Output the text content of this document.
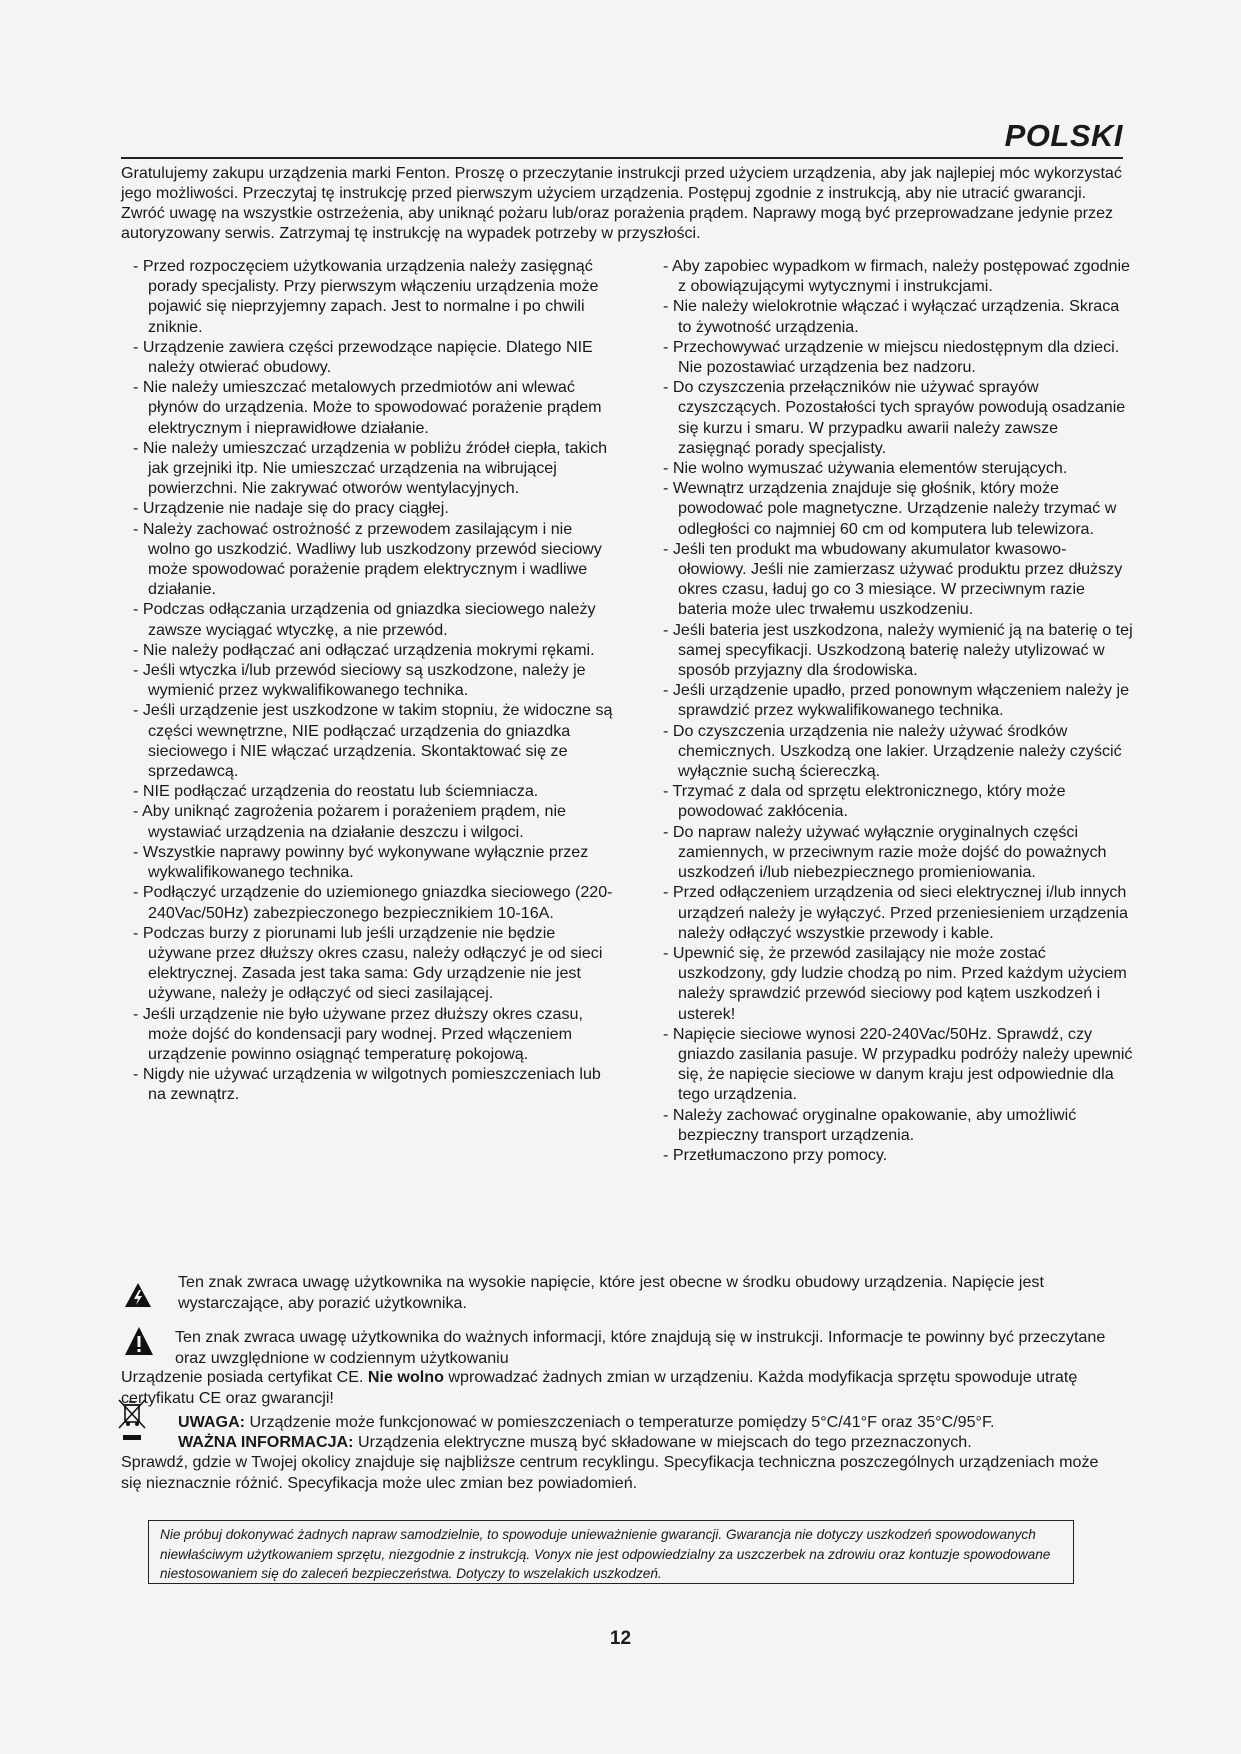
POLSKI

Gratulujemy zakupu urządzenia marki Fenton. Proszę o przeczytanie instrukcji przed użyciem urządzenia, aby jak najlepiej móc wykorzystać jego możliwości. Przeczytaj tę instrukcję przed pierwszym użyciem urządzenia. Postępuj zgodnie z instrukcją, aby nie utracić gwarancji. Zwróć uwagę na wszystkie ostrzeżenia, aby uniknąć pożaru lub/oraz porażenia prądem. Naprawy mogą być przeprowadzane jedynie przez autoryzowany serwis. Zatrzymaj tę instrukcję na wypadek potrzeby w przyszłości.

- Przed rozpoczęciem użytkowania urządzenia należy zasięgnąć porady specjalisty. Przy pierwszym włączeniu urządzenia może pojawić się nieprzyjemny zapach. Jest to normalne i po chwili zniknie.
- Urządzenie zawiera części przewodzące napięcie. Dlatego NIE należy otwierać obudowy.
- Nie należy umieszczać metalowych przedmiotów ani wlewać płynów do urządzenia. Może to spowodować porażenie prądem elektrycznym i nieprawidłowe działanie.
- Nie należy umieszczać urządzenia w pobliżu źródeł ciepła, takich jak grzejniki itp. Nie umieszczać urządzenia na wibrującej powierzchni. Nie zakrywać otworów wentylacyjnych.
- Urządzenie nie nadaje się do pracy ciągłej.
- Należy zachować ostrożność z przewodem zasilającym i nie wolno go uszkodzić. Wadliwy lub uszkodzony przewód sieciowy może spowodować porażenie prądem elektrycznym i wadliwe działanie.
- Podczas odłączania urządzenia od gniazdka sieciowego należy zawsze wyciągać wtyczkę, a nie przewód.
- Nie należy podłączać ani odłączać urządzenia mokrymi rękami.
- Jeśli wtyczka i/lub przewód sieciowy są uszkodzone, należy je wymienić przez wykwalifikowanego technika.
- Jeśli urządzenie jest uszkodzone w takim stopniu, że widoczne są części wewnętrzne, NIE podłączać urządzenia do gniazdka sieciowego i NIE włączać urządzenia. Skontaktować się ze sprzedawcą.
- NIE podłączać urządzenia do reostatu lub ściemniacza.
- Aby uniknąć zagrożenia pożarem i porażeniem prądem, nie wystawiać urządzenia na działanie deszczu i wilgoci.
- Wszystkie naprawy powinny być wykonywane wyłącznie przez wykwalifikowanego technika.
- Podłączyć urządzenie do uziemionego gniazdka sieciowego (220-240Vac/50Hz) zabezpieczonego bezpiecznikiem 10-16A.
- Podczas burzy z piorunami lub jeśli urządzenie nie będzie używane przez dłuższy okres czasu, należy odłączyć je od sieci elektrycznej. Zasada jest taka sama: Gdy urządzenie nie jest używane, należy je odłączyć od sieci zasilającej.
- Jeśli urządzenie nie było używane przez dłuższy okres czasu, może dojść do kondensacji pary wodnej. Przed włączeniem urządzenie powinno osiągnąć temperaturę pokojową.
- Nigdy nie używać urządzenia w wilgotnych pomieszczeniach lub na zewnątrz.
- Aby zapobiec wypadkom w firmach, należy postępować zgodnie z obowiązującymi wytycznymi i instrukcjami.
- Nie należy wielokrotnie włączać i wyłączać urządzenia. Skraca to żywotność urządzenia.
- Przechowywać urządzenie w miejscu niedostępnym dla dzieci. Nie pozostawiać urządzenia bez nadzoru.
- Do czyszczenia przełączników nie używać sprayów czyszczących. Pozostałości tych sprayów powodują osadzanie się kurzu i smaru. W przypadku awarii należy zawsze zasięgnąć porady specjalisty.
- Nie wolno wymuszać używania elementów sterujących.
- Wewnątrz urządzenia znajduje się głośnik, który może powodować pole magnetyczne. Urządzenie należy trzymać w odległości co najmniej 60 cm od komputera lub telewizora.
- Jeśli ten produkt ma wbudowany akumulator kwasowo-ołowiowy. Jeśli nie zamierzasz używać produktu przez dłuższy okres czasu, ładuj go co 3 miesiące. W przeciwnym razie bateria może ulec trwałemu uszkodzeniu.
- Jeśli bateria jest uszkodzona, należy wymienić ją na baterię o tej samej specyfikacji. Uszkodzoną baterię należy utylizować w sposób przyjazny dla środowiska.
- Jeśli urządzenie upadło, przed ponownym włączeniem należy je sprawdzić przez wykwalifikowanego technika.
- Do czyszczenia urządzenia nie należy używać środków chemicznych. Uszkodzą one lakier. Urządzenie należy czyścić wyłącznie suchą ściereczką.
- Trzymać z dala od sprzętu elektronicznego, który może powodować zakłócenia.
- Do napraw należy używać wyłącznie oryginalnych części zamiennych, w przeciwnym razie może dojść do poważnych uszkodzeń i/lub niebezpiecznego promieniowania.
- Przed odłączeniem urządzenia od sieci elektrycznej i/lub innych urządzeń należy je wyłączyć. Przed przeniesieniem urządzenia należy odłączyć wszystkie przewody i kable.
- Upewnić się, że przewód zasilający nie może zostać uszkodzony, gdy ludzie chodzą po nim. Przed każdym użyciem należy sprawdzić przewód sieciowy pod kątem uszkodzeń i usterek!
- Napięcie sieciowe wynosi 220-240Vac/50Hz. Sprawdź, czy gniazdo zasilania pasuje. W przypadku podróży należy upewnić się, że napięcie sieciowe w danym kraju jest odpowiednie dla tego urządzenia.
- Należy zachować oryginalne opakowanie, aby umożliwić bezpieczny transport urządzenia.
- Przetłumaczono przy pomocy.

Ten znak zwraca uwagę użytkownika na wysokie napięcie, które jest obecne w środku obudowy urządzenia. Napięcie jest wystarczające, aby porazić użytkownika.

Ten znak zwraca uwagę użytkownika do ważnych informacji, które znajdują się w instrukcji. Informacje te powinny być przeczytane oraz uwzględnione w codziennym użytkowaniu

Urządzenie posiada certyfikat CE. Nie wolno wprowadzać żadnych zmian w urządzeniu. Każda modyfikacja sprzętu spowoduje utratę certyfikatu CE oraz gwarancji!

UWAGA: Urządzenie może funkcjonować w pomieszczeniach o temperaturze pomiędzy 5°C/41°F oraz 35°C/95°F.

WAŻNA INFORMACJA: Urządzenia elektryczne muszą być składowane w miejscach do tego przeznaczonych.

Sprawdź, gdzie w Twojej okolicy znajduje się najbliższe centrum recyklingu. Specyfikacja techniczna poszczególnych urządzeniach może się nieznacznie różnić. Specyfikacja może ulec zmian bez powiadomień.

Nie próbuj dokonywać żadnych napraw samodzielnie, to spowoduje unieważnienie gwarancji. Gwarancja nie dotyczy uszkodzeń spowodowanych niewłaściwym użytkowaniem sprzętu, niezgodnie z instrukcją. Vonyx nie jest odpowiedzialny za uszczerbek na zdrowiu oraz kontuzje spowodowane niestosowaniem się do zaleceń bezpieczeństwa. Dotyczy to wszelakich uszkodzeń.
12
